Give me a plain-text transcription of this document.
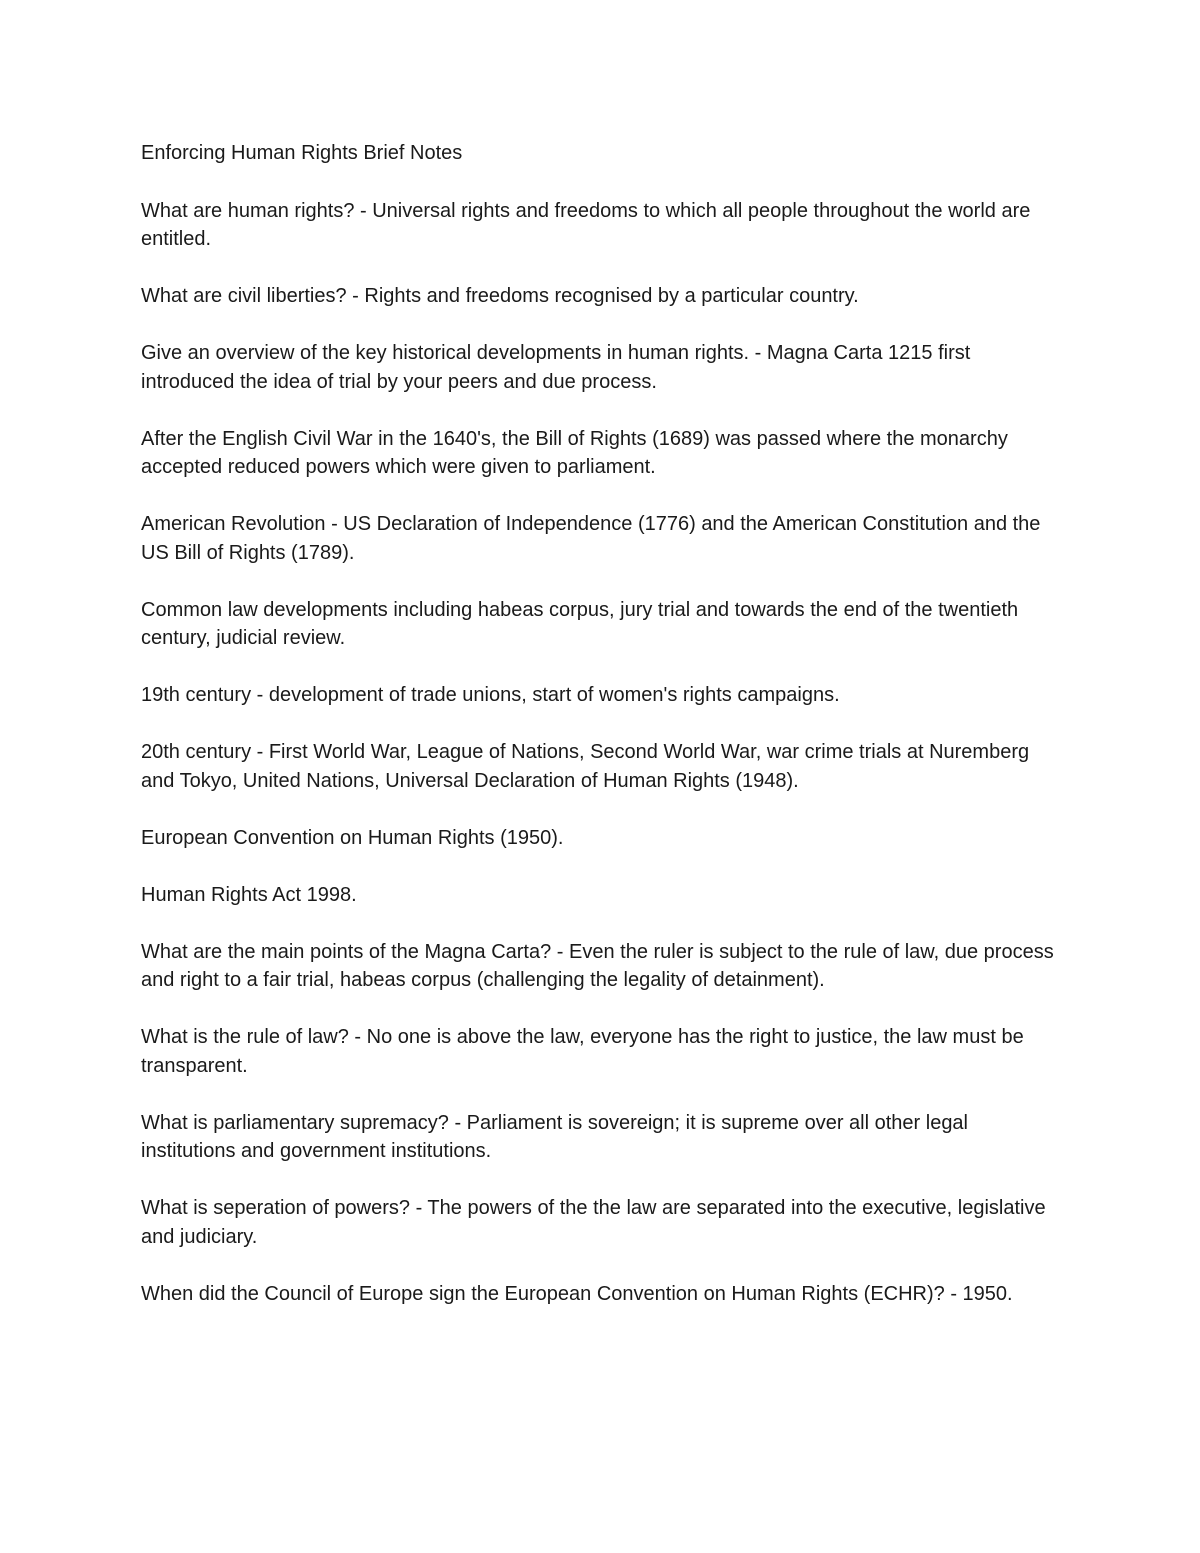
Enforcing Human Rights Brief Notes

What are human rights? - Universal rights and freedoms to which all people throughout the world are entitled.

What are civil liberties? - Rights and freedoms recognised by a particular country.

Give an overview of the key historical developments in human rights. - Magna Carta 1215 first introduced the idea of trial by your peers and due process.

After the English Civil War in the 1640's, the Bill of Rights (1689) was passed where the monarchy accepted reduced powers which were given to parliament.

American Revolution - US Declaration of Independence (1776) and the American Constitution and the US Bill of Rights (1789).

Common law developments including habeas corpus, jury trial and towards the end of the twentieth century, judicial review.

19th century - development of trade unions, start of women's rights campaigns.

20th century - First World War, League of Nations, Second World War, war crime trials at Nuremberg and Tokyo, United Nations, Universal Declaration of Human Rights (1948).

European Convention on Human Rights (1950).

Human Rights Act 1998.

What are the main points of the Magna Carta? - Even the ruler is subject to the rule of law, due process and right to a fair trial, habeas corpus (challenging the legality of detainment).

What is the rule of law? - No one is above the law, everyone has the right to justice, the law must be transparent.

What is parliamentary supremacy? - Parliament is sovereign; it is supreme over all other legal institutions and government institutions.

What is seperation of powers? - The powers of the the law are separated into the executive, legislative and judiciary.

When did the Council of Europe sign the European Convention on Human Rights (ECHR)? - 1950.
